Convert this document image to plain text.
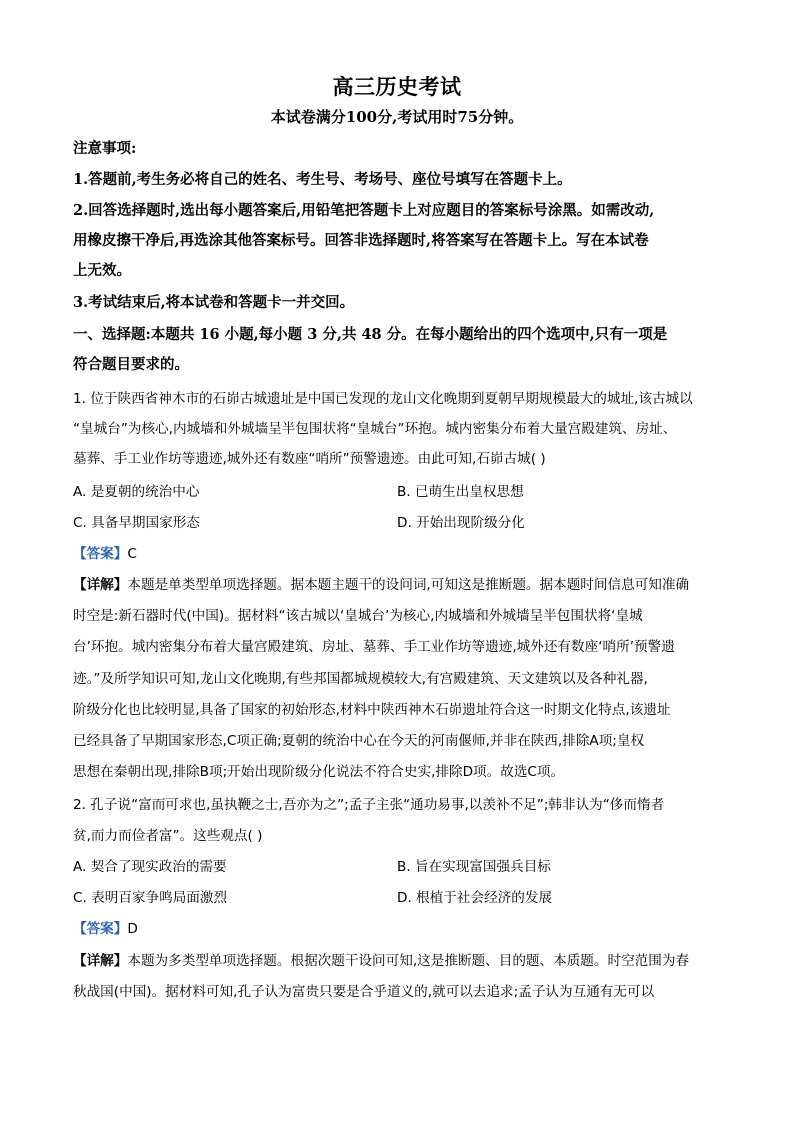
高三历史考试
本试卷满分100分,考试用时75分钟。
注意事项:
1.答题前,考生务必将自己的姓名、考生号、考场号、座位号填写在答题卡上。
2.回答选择题时,选出每小题答案后,用铅笔把答题卡上对应题目的答案标号涂黑。如需改动,
用橡皮擦干净后,再选涂其他答案标号。回答非选择题时,将答案写在答题卡上。写在本试卷
上无效。
3.考试结束后,将本试卷和答题卡一并交回。
一、选择题:本题共 16 小题,每小题 3 分,共 48 分。在每小题给出的四个选项中,只有一项是
符合题目要求的。
1. 位于陕西省神木市的石峁古城遗址是中国已发现的龙山文化晚期到夏朝早期规模最大的城址,该古城以
“皇城台”为核心,内城墙和外城墙呈半包围状将“皇城台”环抱。城内密集分布着大量宫殿建筑、房址、
墓葬、手工业作坊等遗迹,城外还有数座“哨所”预警遗迹。由此可知,石峁古城( )
A. 是夏朝的统治中心	B. 已萌生出皇权思想
C. 具备早期国家形态	D. 开始出现阶级分化
【答案】C
【详解】本题是单类型单项选择题。据本题主题干的设问词,可知这是推断题。据本题时间信息可知准确
时空是:新石器时代(中国)。据材料“该古城以‘皇城台’为核心,内城墙和外城墙呈半包围状将‘皇城
台’环抱。城内密集分布着大量宫殿建筑、房址、墓葬、手工业作坊等遗迹,城外还有数座‘哨所’预警遗
迹。”及所学知识可知,龙山文化晚期,有些邦国都城规模较大,有宫殿建筑、天文建筑以及各种礼器,
阶级分化也比较明显,具备了国家的初始形态,材料中陕西神木石峁遗址符合这一时期文化特点,该遗址
已经具备了早期国家形态,C项正确;夏朝的统治中心在今天的河南偃师,并非在陕西,排除A项;皇权
思想在秦朝出现,排除B项;开始出现阶级分化说法不符合史实,排除D项。故选C项。
2. 孔子说“富而可求也,虽执鞭之士,吾亦为之”;孟子主张“通功易事,以羡补不足”;韩非认为“侈而惰者
贫,而力而俭者富”。这些观点( )
A. 契合了现实政治的需要	B. 旨在实现富国强兵目标
C. 表明百家争鸣局面激烈	D. 根植于社会经济的发展
【答案】D
【详解】本题为多类型单项选择题。根据次题干设问可知,这是推断题、目的题、本质题。时空范围为春
秋战国(中国)。据材料可知,孔子认为富贵只要是合乎道义的,就可以去追求;孟子认为互通有无可以
